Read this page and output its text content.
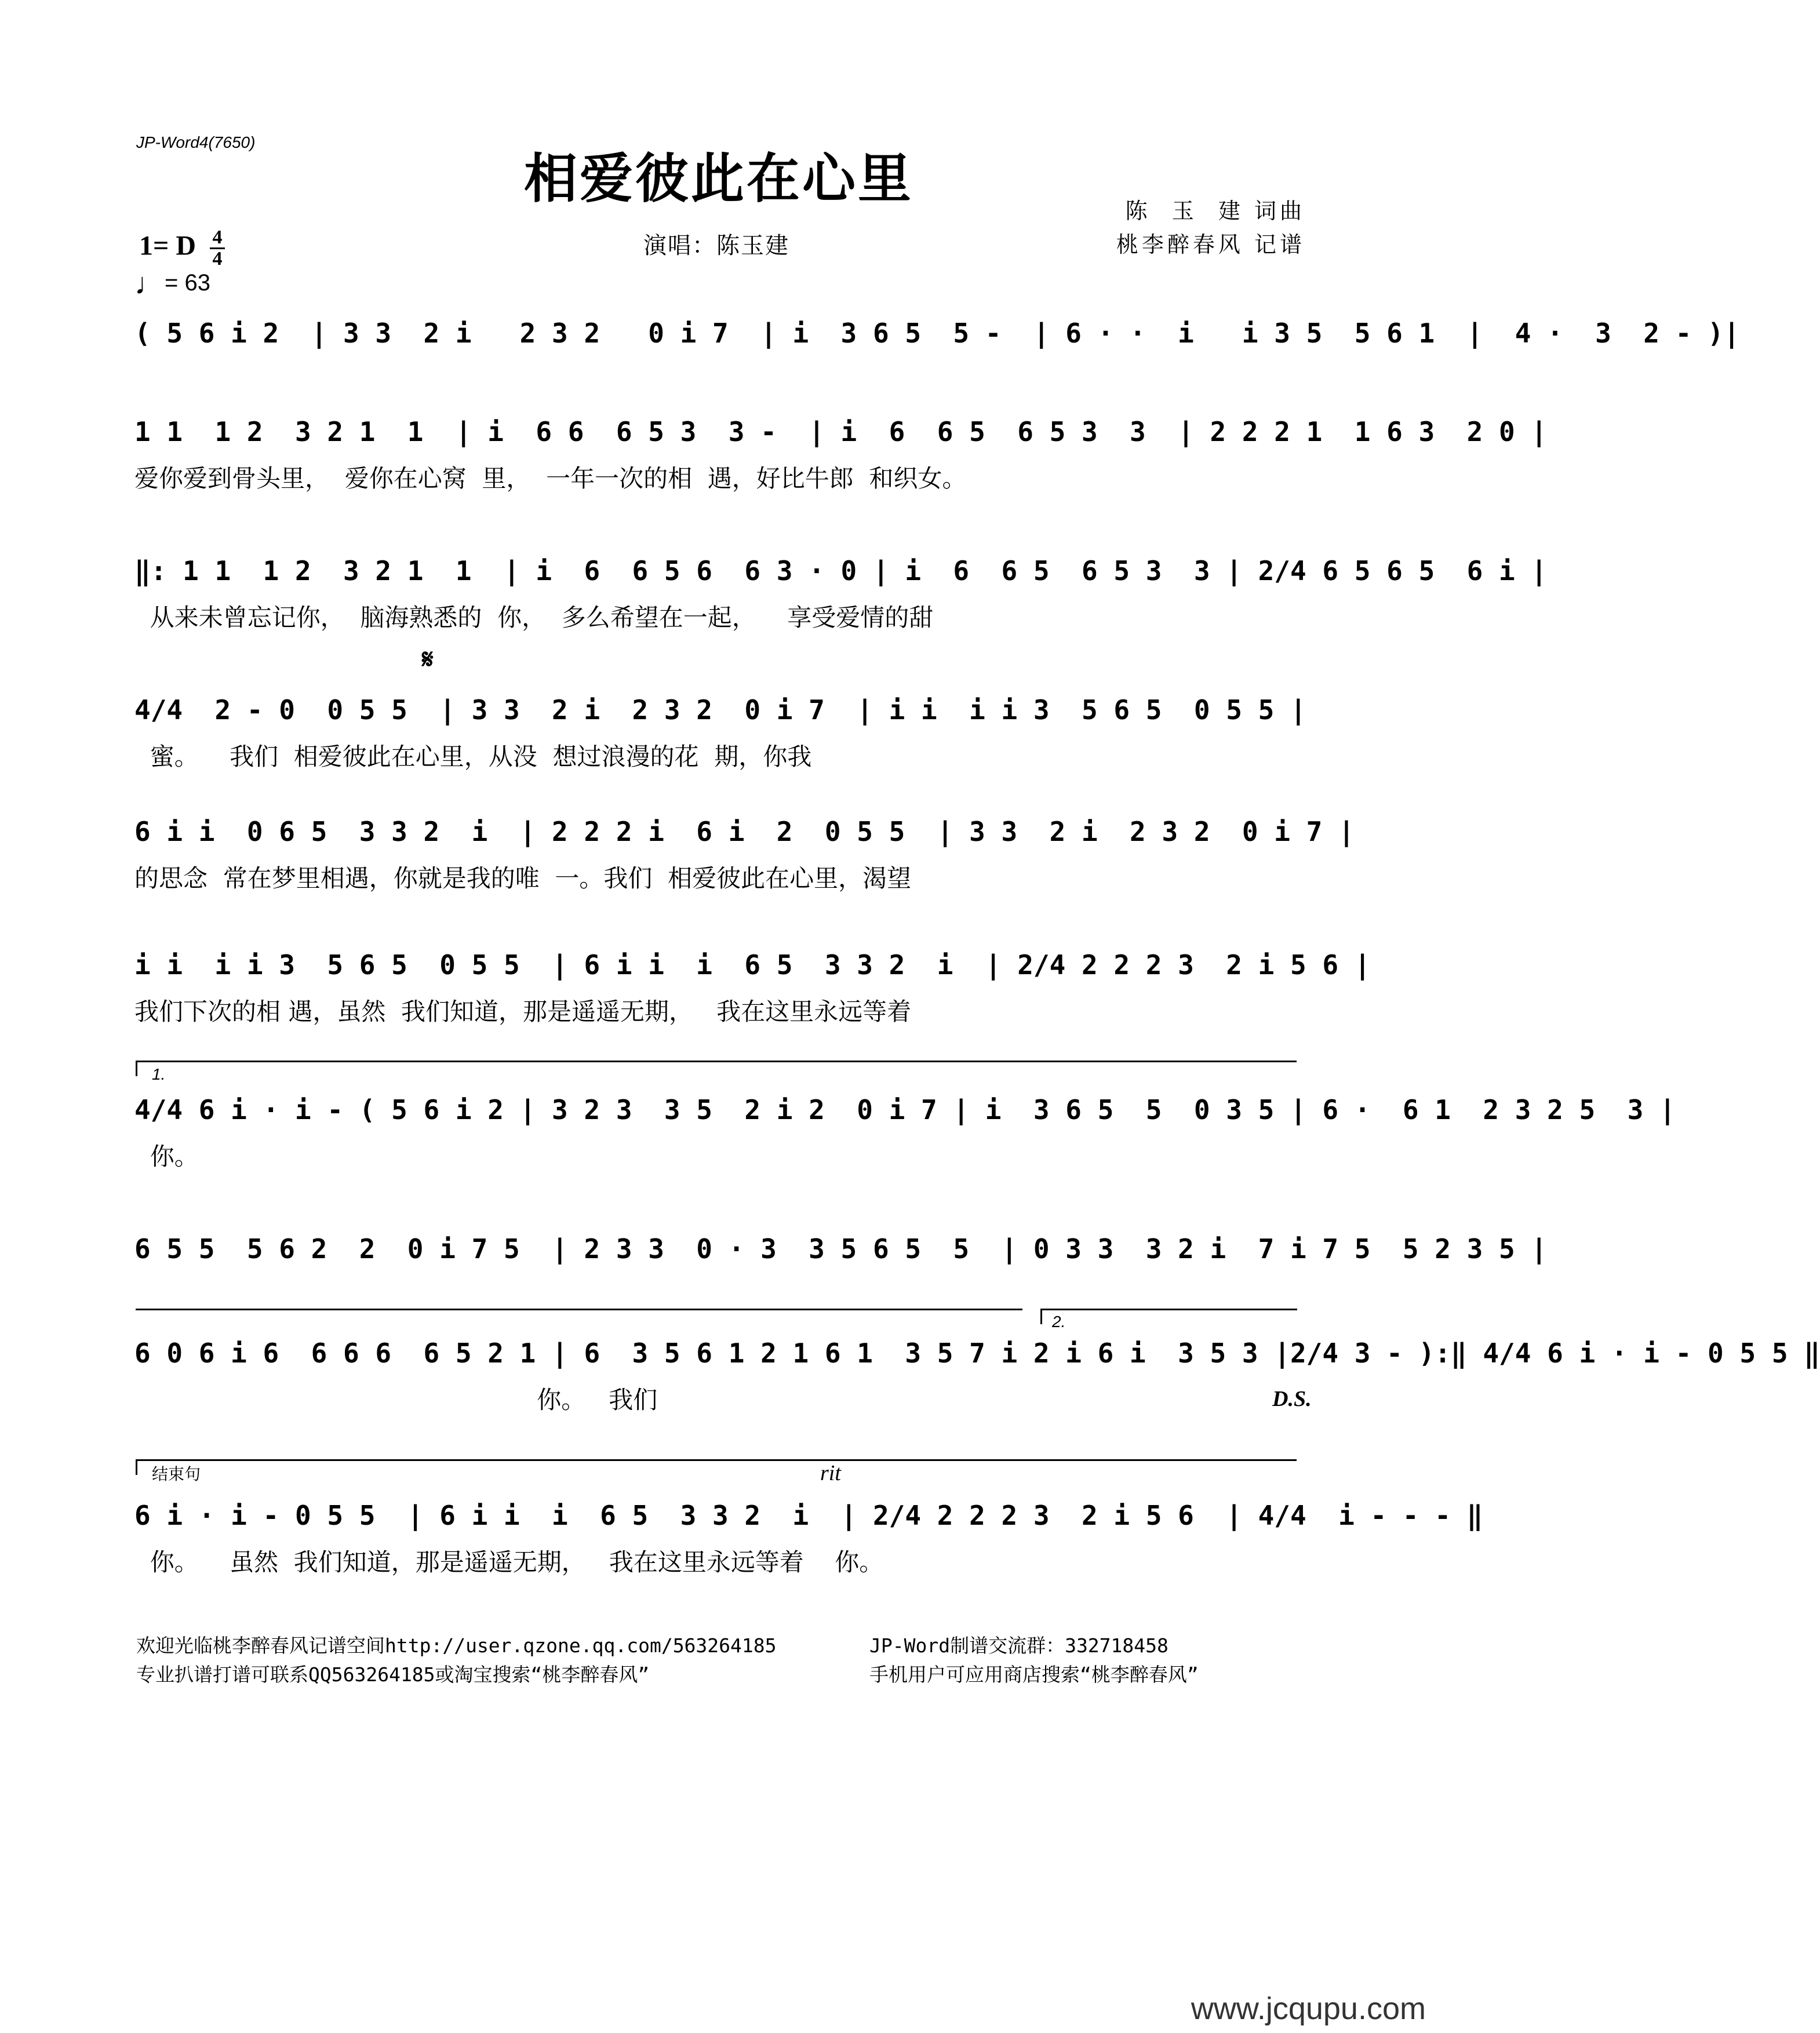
JP-Word4(7650)
相爱彼此在心里
陈  玉  建 词曲
桃李醉春风 记谱
演唱：陈玉建
1= D $\frac{4}{4}$
♩= 63
( 5 6 i 2  | 3 3  2 i   2 3 2   0 i 7  | i  3 6 5  5 -  | 6 · ·  i   i 3 5  5 6 1  |  4 ·  3  2 - )|
1 1  1 2  3 2 1  1  | i  6 6  6 5 3  3 -  | i  6  6 5  6 5 3  3  | 2 2 2 1  1 6 3  2 0 |
爱你爱到骨头里，  爱你在心窝  里，  一年一次的相  遇，好比牛郎  和织女。
‖: 1 1  1 2  3 2 1  1  | i  6  6 5 6  6 3 · 0 | i  6  6 5  6 5 3  3 | 2/4 6 5 6 5  6 i |
从来未曾忘记你，  脑海熟悉的  你，  多么希望在一起，    享受爱情的甜
𝄋
4/4  2 - 0  0 5 5  | 3 3  2 i  2 3 2  0 i 7  | i i  i i 3  5 6 5  0 5 5 |
蜜。    我们  相爱彼此在心里，从没  想过浪漫的花  期，你我
6 i i  0 6 5  3 3 2  i  | 2 2 2 i  6 i  2  0 5 5  | 3 3  2 i  2 3 2  0 i 7 |
的思念  常在梦里相遇，你就是我的唯  一。我们  相爱彼此在心里，渴望
i i  i i 3  5 6 5  0 5 5  | 6 i i  i  6 5  3 3 2  i  | 2/4 2 2 2 3  2 i 5 6 |
我们下次的相 遇，虽然  我们知道，那是遥遥无期，   我在这里永远等着
1.
4/4 6 i · i - ( 5 6 i 2 | 3 2 3  3 5  2 i 2  0 i 7 | i  3 6 5  5  0 3 5 | 6 ·  6 1  2 3 2 5  3 |
你。
6 5 5  5 6 2  2  0 i 7 5  | 2 3 3  0 · 3  3 5 6 5  5  | 0 3 3  3 2 i  7 i 7 5  5 2 3 5 |
2.
6 0 6 i 6  6 6 6  6 5 2 1 | 6  3 5 6 1 2 1 6 1  3 5 7 i 2 i 6 i  3 5 3 |2/4 3 - ):‖ 4/4 6 i · i - 0 5 5 ‖
你。   我们	D.S.
结束句	rit
6 i · i - 0 5 5  | 6 i i  i  6 5  3 3 2  i  | 2/4 2 2 2 3  2 i 5 6  | 4/4  i - - - ‖
你。    虽然  我们知道，那是遥遥无期，   我在这里永远等着    你。
欢迎光临桃李醉春风记谱空间http://user.qzone.qq.com/563264185	JP-Word制谱交流群：332718458
专业扒谱打谱可联系QQ563264185或淘宝搜索“桃李醉春风”	手机用户可应用商店搜索“桃李醉春风”
www.jcqupu.com
